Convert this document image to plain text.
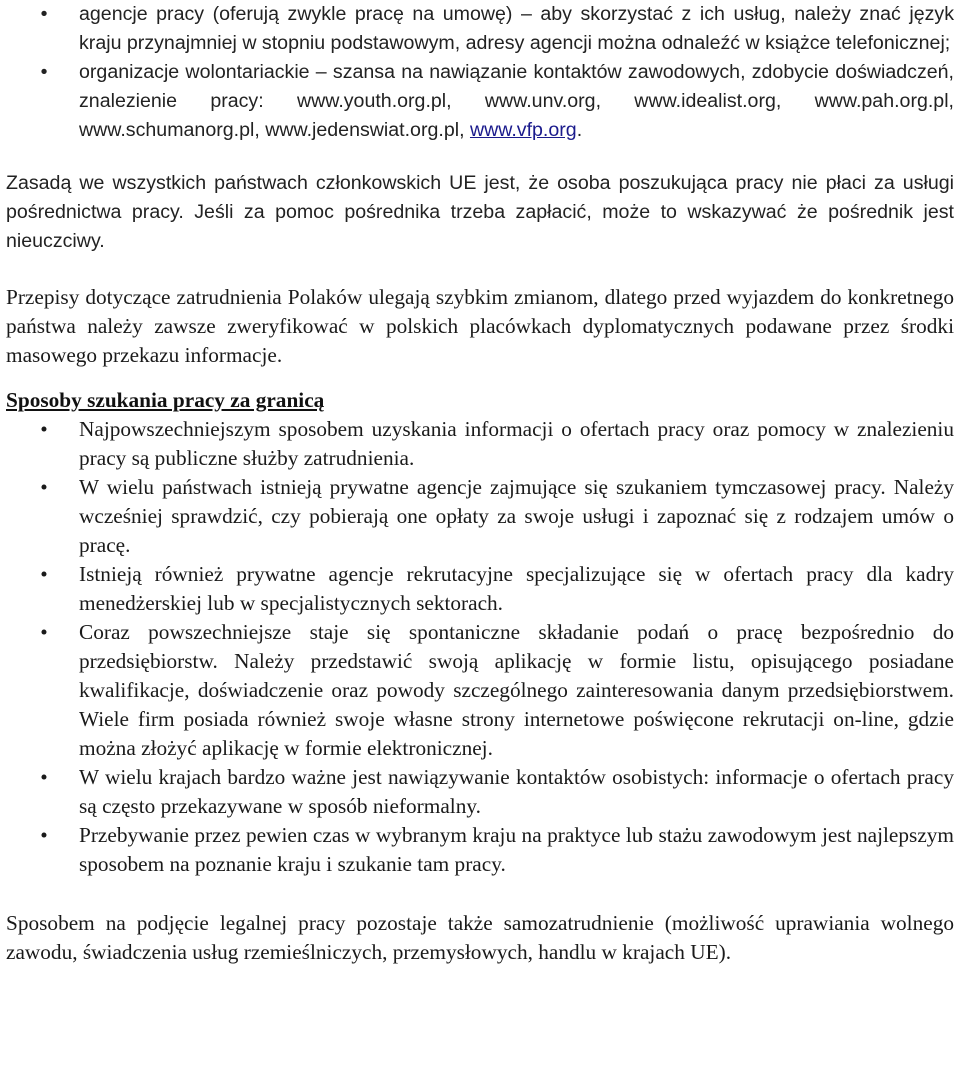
• agencje pracy (oferują zwykle pracę na umowę) – aby skorzystać z ich usług, należy znać język kraju przynajmniej w stopniu podstawowym, adresy agencji można odnaleźć w książce telefonicznej;
• organizacje wolontariackie – szansa na nawiązanie kontaktów zawodowych, zdobycie doświadczeń, znalezienie pracy: www.youth.org.pl, www.unv.org, www.idealist.org, www.pah.org.pl, www.schumanorg.pl, www.jedenswiat.org.pl, www.vfp.org.

Zasadą we wszystkich państwach członkowskich UE jest, że osoba poszukująca pracy nie płaci za usługi pośrednictwa pracy. Jeśli za pomoc pośrednika trzeba zapłacić, może to wskazywać że pośrednik jest nieuczciwy.

Przepisy dotyczące zatrudnienia Polaków ulegają szybkim zmianom, dlatego przed wyjazdem do konkretnego państwa należy zawsze zweryfikować w polskich placówkach dyplomatycznych podawane przez środki masowego przekazu informacje.

Sposoby szukania pracy za granicą
• Najpowszechniejszym sposobem uzyskania informacji o ofertach pracy oraz pomocy w znalezieniu pracy są publiczne służby zatrudnienia.
• W wielu państwach istnieją prywatne agencje zajmujące się szukaniem tymczasowej pracy. Należy wcześniej sprawdzić, czy pobierają one opłaty za swoje usługi i zapoznać się z rodzajem umów o pracę.
• Istnieją również prywatne agencje rekrutacyjne specjalizujące się w ofertach pracy dla kadry menedżerskiej lub w specjalistycznych sektorach.
• Coraz powszechniejsze staje się spontaniczne składanie podań o pracę bezpośrednio do przedsiębiorstw. Należy przedstawić swoją aplikację w formie listu, opisującego posiadane kwalifikacje, doświadczenie oraz powody szczególnego zainteresowania danym przedsiębiorstwem. Wiele firm posiada również swoje własne strony internetowe poświęcone rekrutacji on-line, gdzie można złożyć aplikację w formie elektronicznej.
• W wielu krajach bardzo ważne jest nawiązywanie kontaktów osobistych: informacje o ofertach pracy są często przekazywane w sposób nieformalny.
• Przebywanie przez pewien czas w wybranym kraju na praktyce lub stażu zawodowym jest najlepszym sposobem na poznanie kraju i szukanie tam pracy.

Sposobem na podjęcie legalnej pracy pozostaje także samozatrudnienie (możliwość uprawiania wolnego zawodu, świadczenia usług rzemieślniczych, przemysłowych, handlu w krajach UE).
